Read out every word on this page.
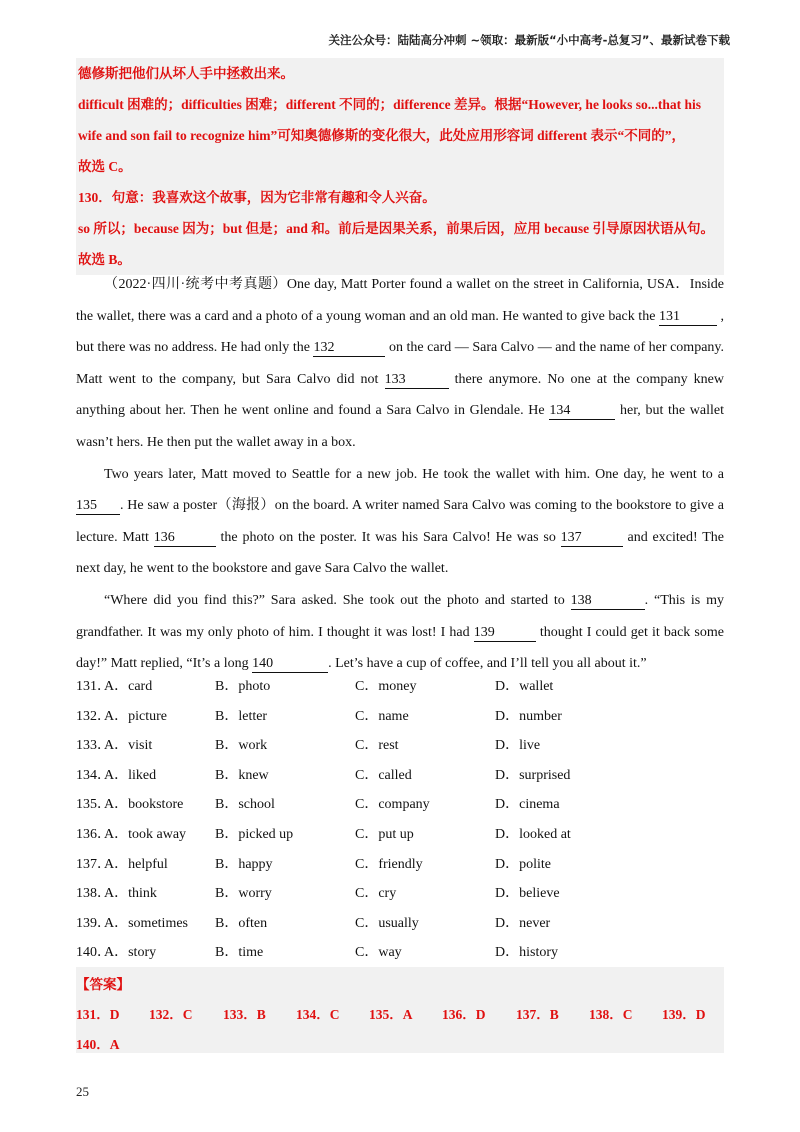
关注公众号：陆陆高分冲刺 ~领取：最新版“小中高考-总复习”、最新试卷下载
德修斯把他们从坏人手中拯救出来。
difficult 困难的；difficulties 困难；different 不同的；difference 差异。根据“However, he looks so...that his
wife and son fail to recognize him”可知奥德修斯的变化很大，此处应用形容词 different 表示“不同的”，
故选 C。
130．句意：我喜欢这个故事，因为它非常有趣和令人兴奋。
so 所以；because 因为；but 但是；and 和。前后是因果关系，前果后因，应用 because 引导原因状语从句。
故选 B。

（2022·四川·统考中考真题）One day, Matt Porter found a wallet on the street in California, USA．Inside the wallet, there was a card and a photo of a young woman and an old man. He wanted to give back the 131	, but there was no address. He had only the 132	on the card — Sara Calvo — and the name of her company. Matt went to the company, but Sara Calvo did not 133	there anymore. No one at the company knew anything about her. Then he went online and found a Sara Calvo in Glendale. He 134	her, but the wallet wasn’t hers. He then put the wallet away in a box.

Two years later, Matt moved to Seattle for a new job. He took the wallet with him. One day, he went to a 135 . He saw a poster（海报）on the board. A writer named Sara Calvo was coming to the bookstore to give a lecture. Matt 136	the photo on the poster. It was his Sara Calvo! He was so 137	and excited! The next day, he went to the bookstore and gave Sara Calvo the wallet.

“Where did you find this?” Sara asked. She took out the photo and started to 138	. “This is my grandfather. It was my only photo of him. I thought it was lost! I had 139	thought I could get it back some day!” Matt replied, “It’s a long 140	. Let’s have a cup of coffee, and I’ll tell you all about it.”

131．
A．card	B．photo	C．money	D．wallet
132．
A．picture	B．letter	C．name	D．number
133．
A．visit	B．work	C．rest	D．live
134．
A．liked	B．knew	C．called	D．surprised
135．
A．bookstore B．school	C．company	D．cinema
136．
A．took away B．picked up	C．put up	D．looked at
137．
A．helpful	B．happy	C．friendly	D．polite
138．
A．think	B．worry	C．cry	D．believe
139．
A．sometimes B．often	C．usually	D．never
140．
A．story	B．time	C．way	D．history
【答案】
131．D 132．C 133．B 134．C 135．A 136．D 137．B 138．C 139．D
140．A
25
